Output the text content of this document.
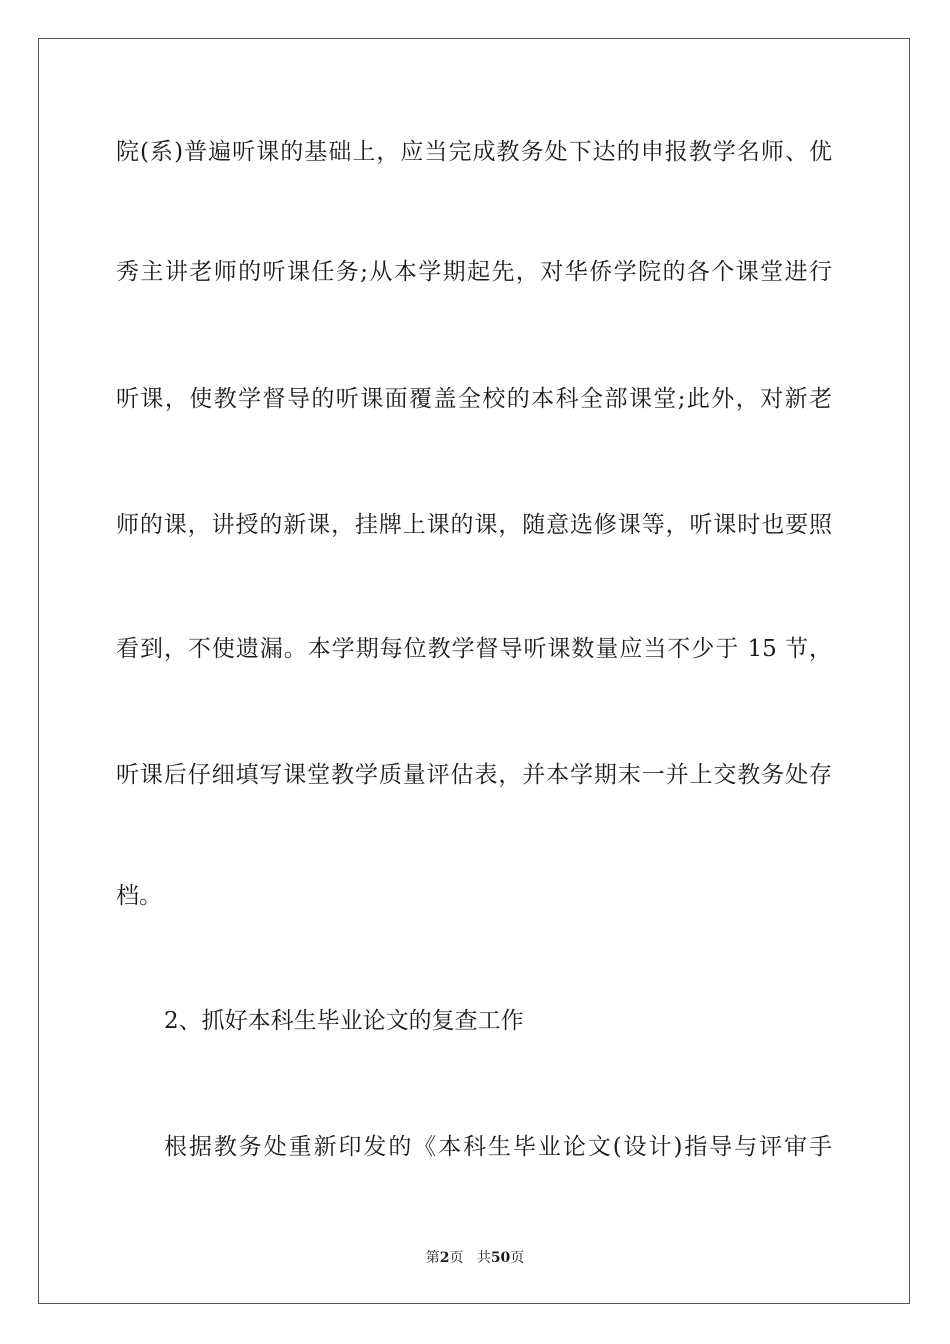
院(系)普遍听课的基础上，应当完成教务处下达的申报教学名师、优
秀主讲老师的听课任务;从本学期起先，对华侨学院的各个课堂进行
听课，使教学督导的听课面覆盖全校的本科全部课堂;此外，对新老
师的课，讲授的新课，挂牌上课的课，随意选修课等，听课时也要照
看到，不使遗漏。本学期每位教学督导听课数量应当不少于 15 节，
听课后仔细填写课堂教学质量评估表，并本学期末一并上交教务处存
档。
2、抓好本科生毕业论文的复查工作
根据教务处重新印发的《本科生毕业论文(设计)指导与评审手
第2页 共50页
